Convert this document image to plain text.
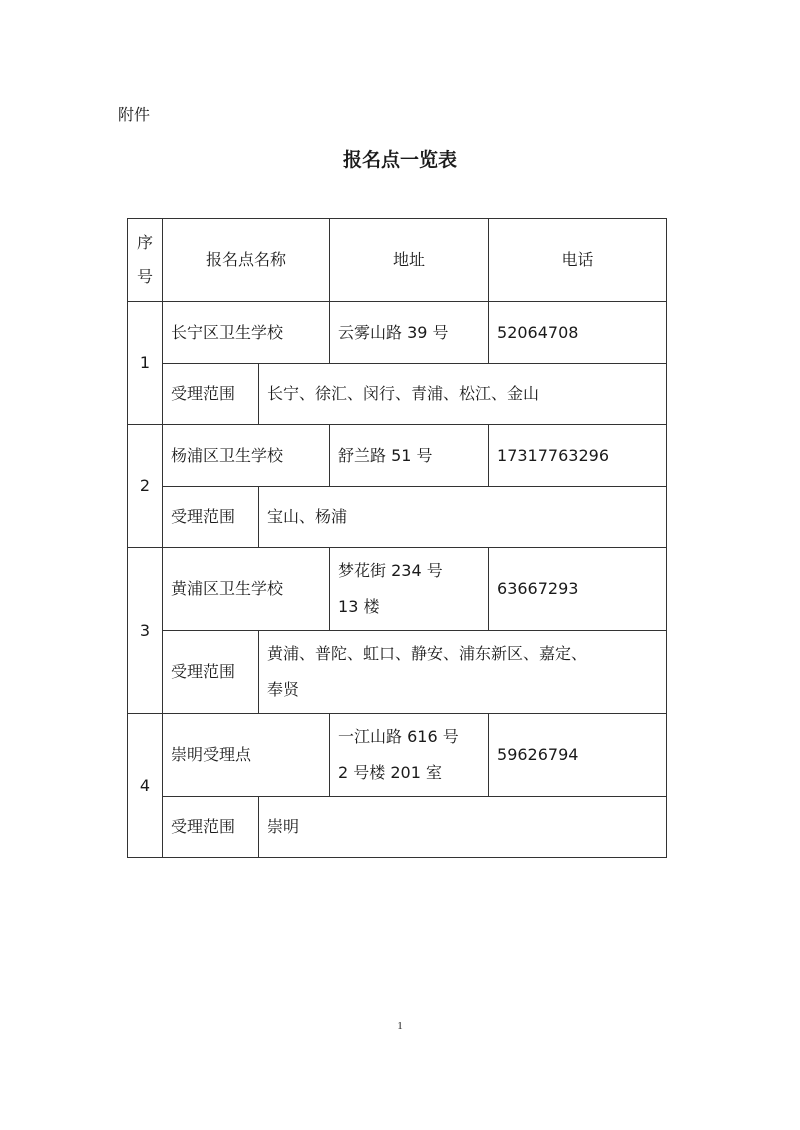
附件
报名点一览表
序
号	报名点名称		地址	电话
1	长宁区卫生学校		云雾山路 39 号	52064708
	受理范围	长宁、徐汇、闵行、青浦、松江、金山		

2	杨浦区卫生学校		舒兰路 51 号	17317763296
	受理范围	宝山、杨浦		

3	黄浦区卫生学校		梦花街 234 号
13 楼	63667293
	受理范围	黄浦、普陀、虹口、静安、浦东新区、嘉定、
奉贤		

4	崇明受理点		一江山路 616 号
2 号楼 201 室	59626794
	受理范围	崇明		
1
